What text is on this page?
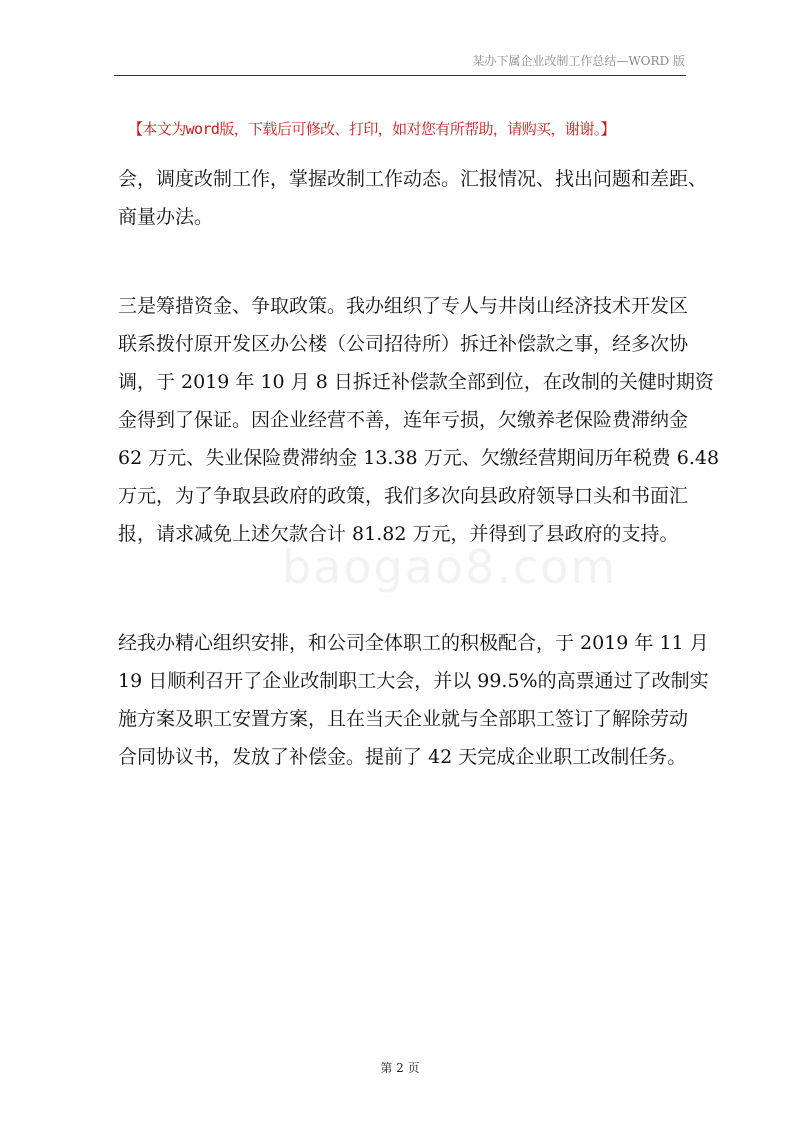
某办下属企业改制工作总结—WORD 版
【本文为word版，下载后可修改、打印，如对您有所帮助，请购买，谢谢。】

会，调度改制工作，掌握改制工作动态。汇报情况、找出问题和差距、
商量办法。

三是筹措资金、争取政策。我办组织了专人与井岗山经济技术开发区
联系拨付原开发区办公楼（公司招待所）拆迁补偿款之事，经多次协
调，于 2019 年 10 月 8 日拆迁补偿款全部到位，在改制的关健时期资
金得到了保证。因企业经营不善，连年亏损，欠缴养老保险费滞纳金
62 万元、失业保险费滞纳金 13.38 万元、欠缴经营期间历年税费 6.48
万元，为了争取县政府的政策，我们多次向县政府领导口头和书面汇
报，请求减免上述欠款合计 81.82 万元，并得到了县政府的支持。

经我办精心组织安排，和公司全体职工的积极配合，于 2019 年 11 月
19 日顺利召开了企业改制职工大会，并以 99.5%的高票通过了改制实
施方案及职工安置方案，且在当天企业就与全部职工签订了解除劳动
合同协议书，发放了补偿金。提前了 42 天完成企业职工改制任务。

baogao8.com
第 2 页
